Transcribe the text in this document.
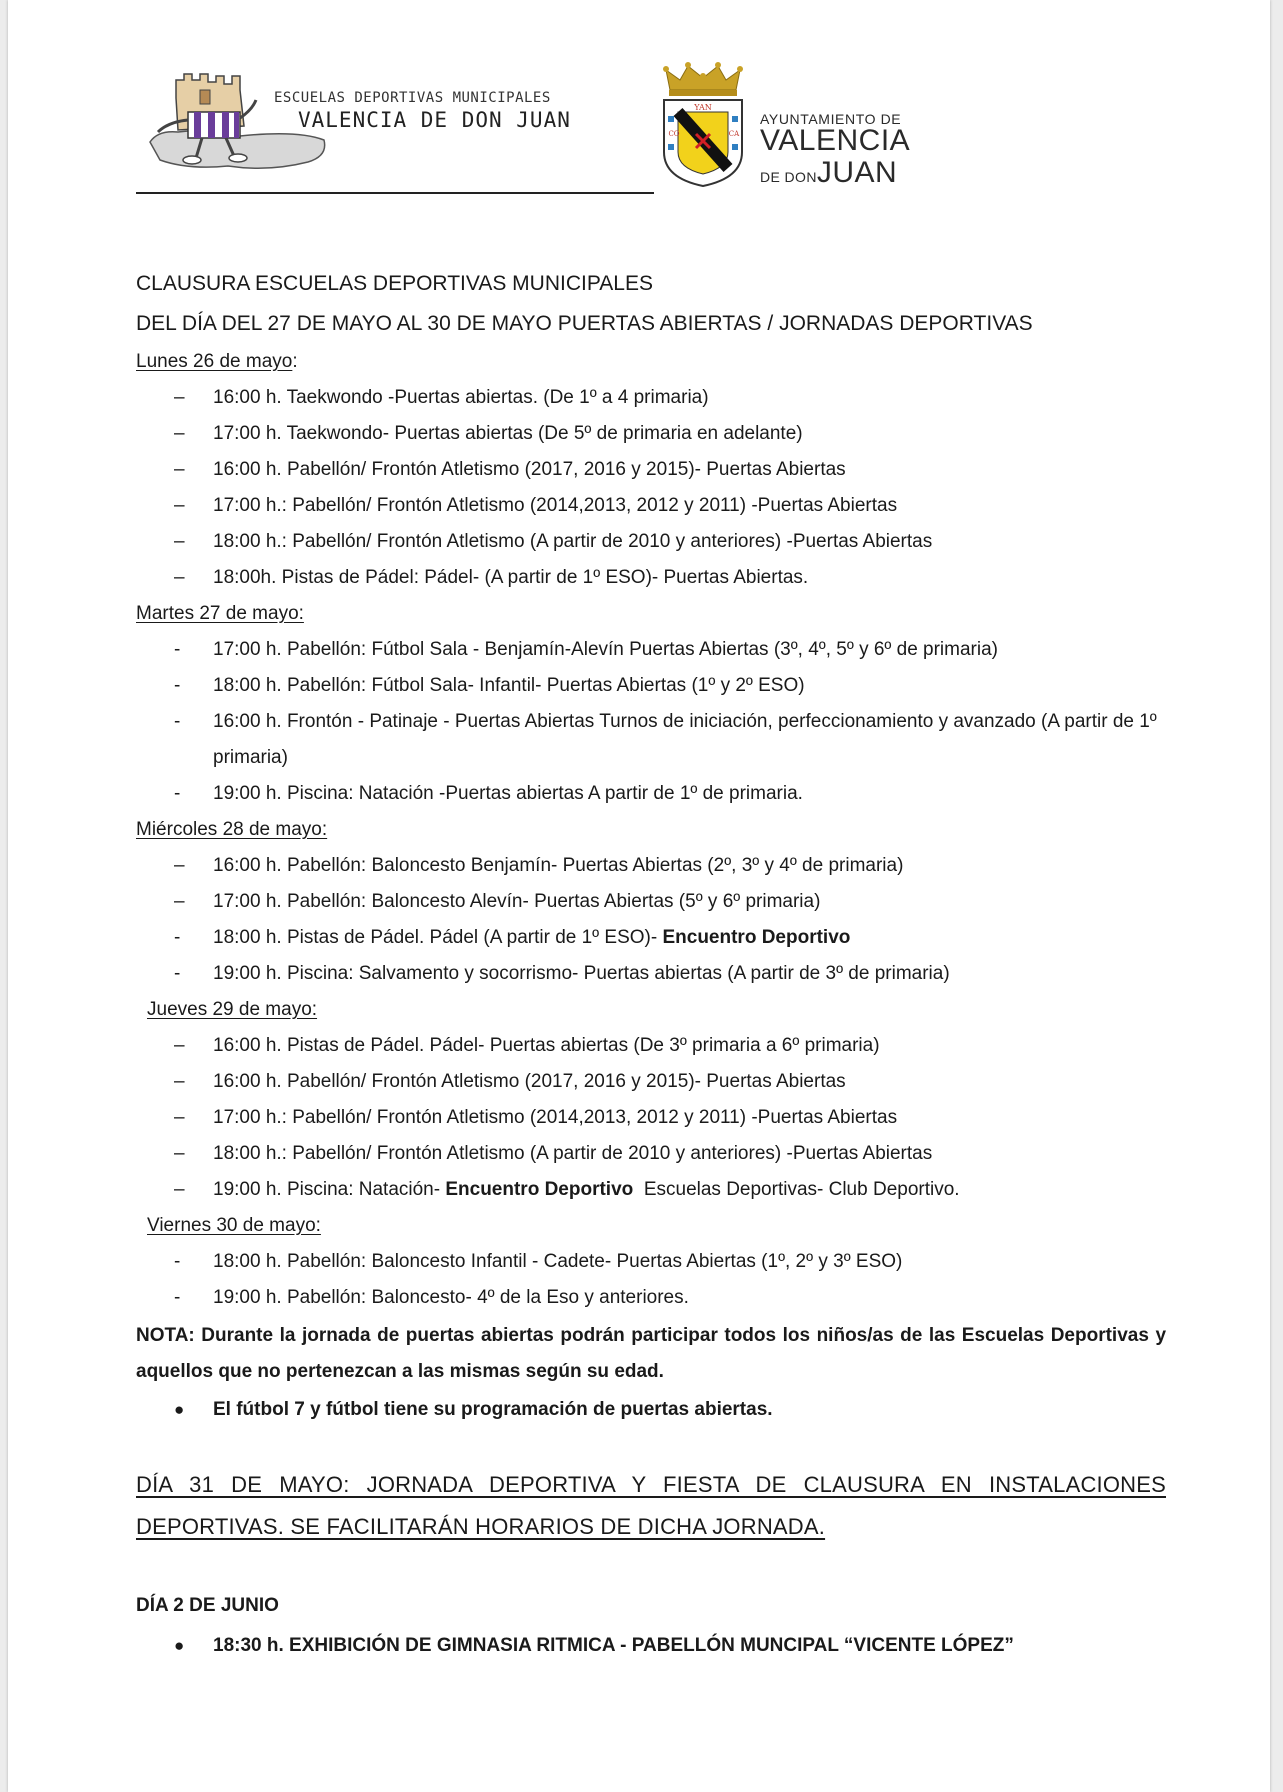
ESCUELAS DEPORTIVAS MUNICIPALES
VALENCIA DE DON JUAN
YAN
CO	CA
AYUNTAMIENTO DE
VALENCIA
DE DONJUAN
CLAUSURA ESCUELAS DEPORTIVAS MUNICIPALES
DEL DÍA DEL 27 DE MAYO AL 30 DE MAYO PUERTAS ABIERTAS / JORNADAS DEPORTIVAS
Lunes 26 de mayo:
– 16:00 h. Taekwondo -Puertas abiertas. (De 1º a 4 primaria)
– 17:00 h. Taekwondo- Puertas abiertas (De 5º de primaria en adelante)
– 16:00 h. Pabellón/ Frontón Atletismo (2017, 2016 y 2015)- Puertas Abiertas
– 17:00 h.: Pabellón/ Frontón Atletismo (2014,2013, 2012 y 2011) -Puertas Abiertas
– 18:00 h.: Pabellón/ Frontón Atletismo (A partir de 2010 y anteriores) -Puertas Abiertas
– 18:00h. Pistas de Pádel: Pádel- (A partir de 1º ESO)- Puertas Abiertas.
Martes 27 de mayo:
- 17:00 h. Pabellón: Fútbol Sala - Benjamín-Alevín Puertas Abiertas (3º, 4º, 5º y 6º de primaria)
- 18:00 h. Pabellón: Fútbol Sala- Infantil- Puertas Abiertas (1º y 2º ESO)
- 16:00 h. Frontón - Patinaje - Puertas Abiertas Turnos de iniciación, perfeccionamiento y avanzado (A partir de 1º primaria)
- 19:00 h. Piscina: Natación -Puertas abiertas A partir de 1º de primaria.
Miércoles 28 de mayo:
– 16:00 h. Pabellón: Baloncesto Benjamín- Puertas Abiertas (2º, 3º y 4º de primaria)
– 17:00 h. Pabellón: Baloncesto Alevín- Puertas Abiertas (5º y 6º primaria)
- 18:00 h. Pistas de Pádel. Pádel (A partir de 1º ESO)- Encuentro Deportivo
- 19:00 h. Piscina: Salvamento y socorrismo- Puertas abiertas (A partir de 3º de primaria)
Jueves 29 de mayo:
– 16:00 h. Pistas de Pádel. Pádel- Puertas abiertas (De 3º primaria a 6º primaria)
– 16:00 h. Pabellón/ Frontón Atletismo (2017, 2016 y 2015)- Puertas Abiertas
– 17:00 h.: Pabellón/ Frontón Atletismo (2014,2013, 2012 y 2011) -Puertas Abiertas
– 18:00 h.: Pabellón/ Frontón Atletismo (A partir de 2010 y anteriores) -Puertas Abiertas
– 19:00 h. Piscina: Natación- Encuentro Deportivo  Escuelas Deportivas- Club Deportivo.
Viernes 30 de mayo:
- 18:00 h. Pabellón: Baloncesto Infantil - Cadete- Puertas Abiertas (1º, 2º y 3º ESO)
- 19:00 h. Pabellón: Baloncesto- 4º de la Eso y anteriores.
NOTA: Durante la jornada de puertas abiertas podrán participar todos los niños/as de las Escuelas Deportivas y aquellos que no pertenezcan a las mismas según su edad.
● El fútbol 7 y fútbol tiene su programación de puertas abiertas.
DÍA 31 DE MAYO: JORNADA DEPORTIVA Y FIESTA DE CLAUSURA EN INSTALACIONES DEPORTIVAS. SE FACILITARÁN HORARIOS DE DICHA JORNADA.
DÍA 2 DE JUNIO
● 18:30 h. EXHIBICIÓN DE GIMNASIA RITMICA - PABELLÓN MUNCIPAL “VICENTE LÓPEZ”
